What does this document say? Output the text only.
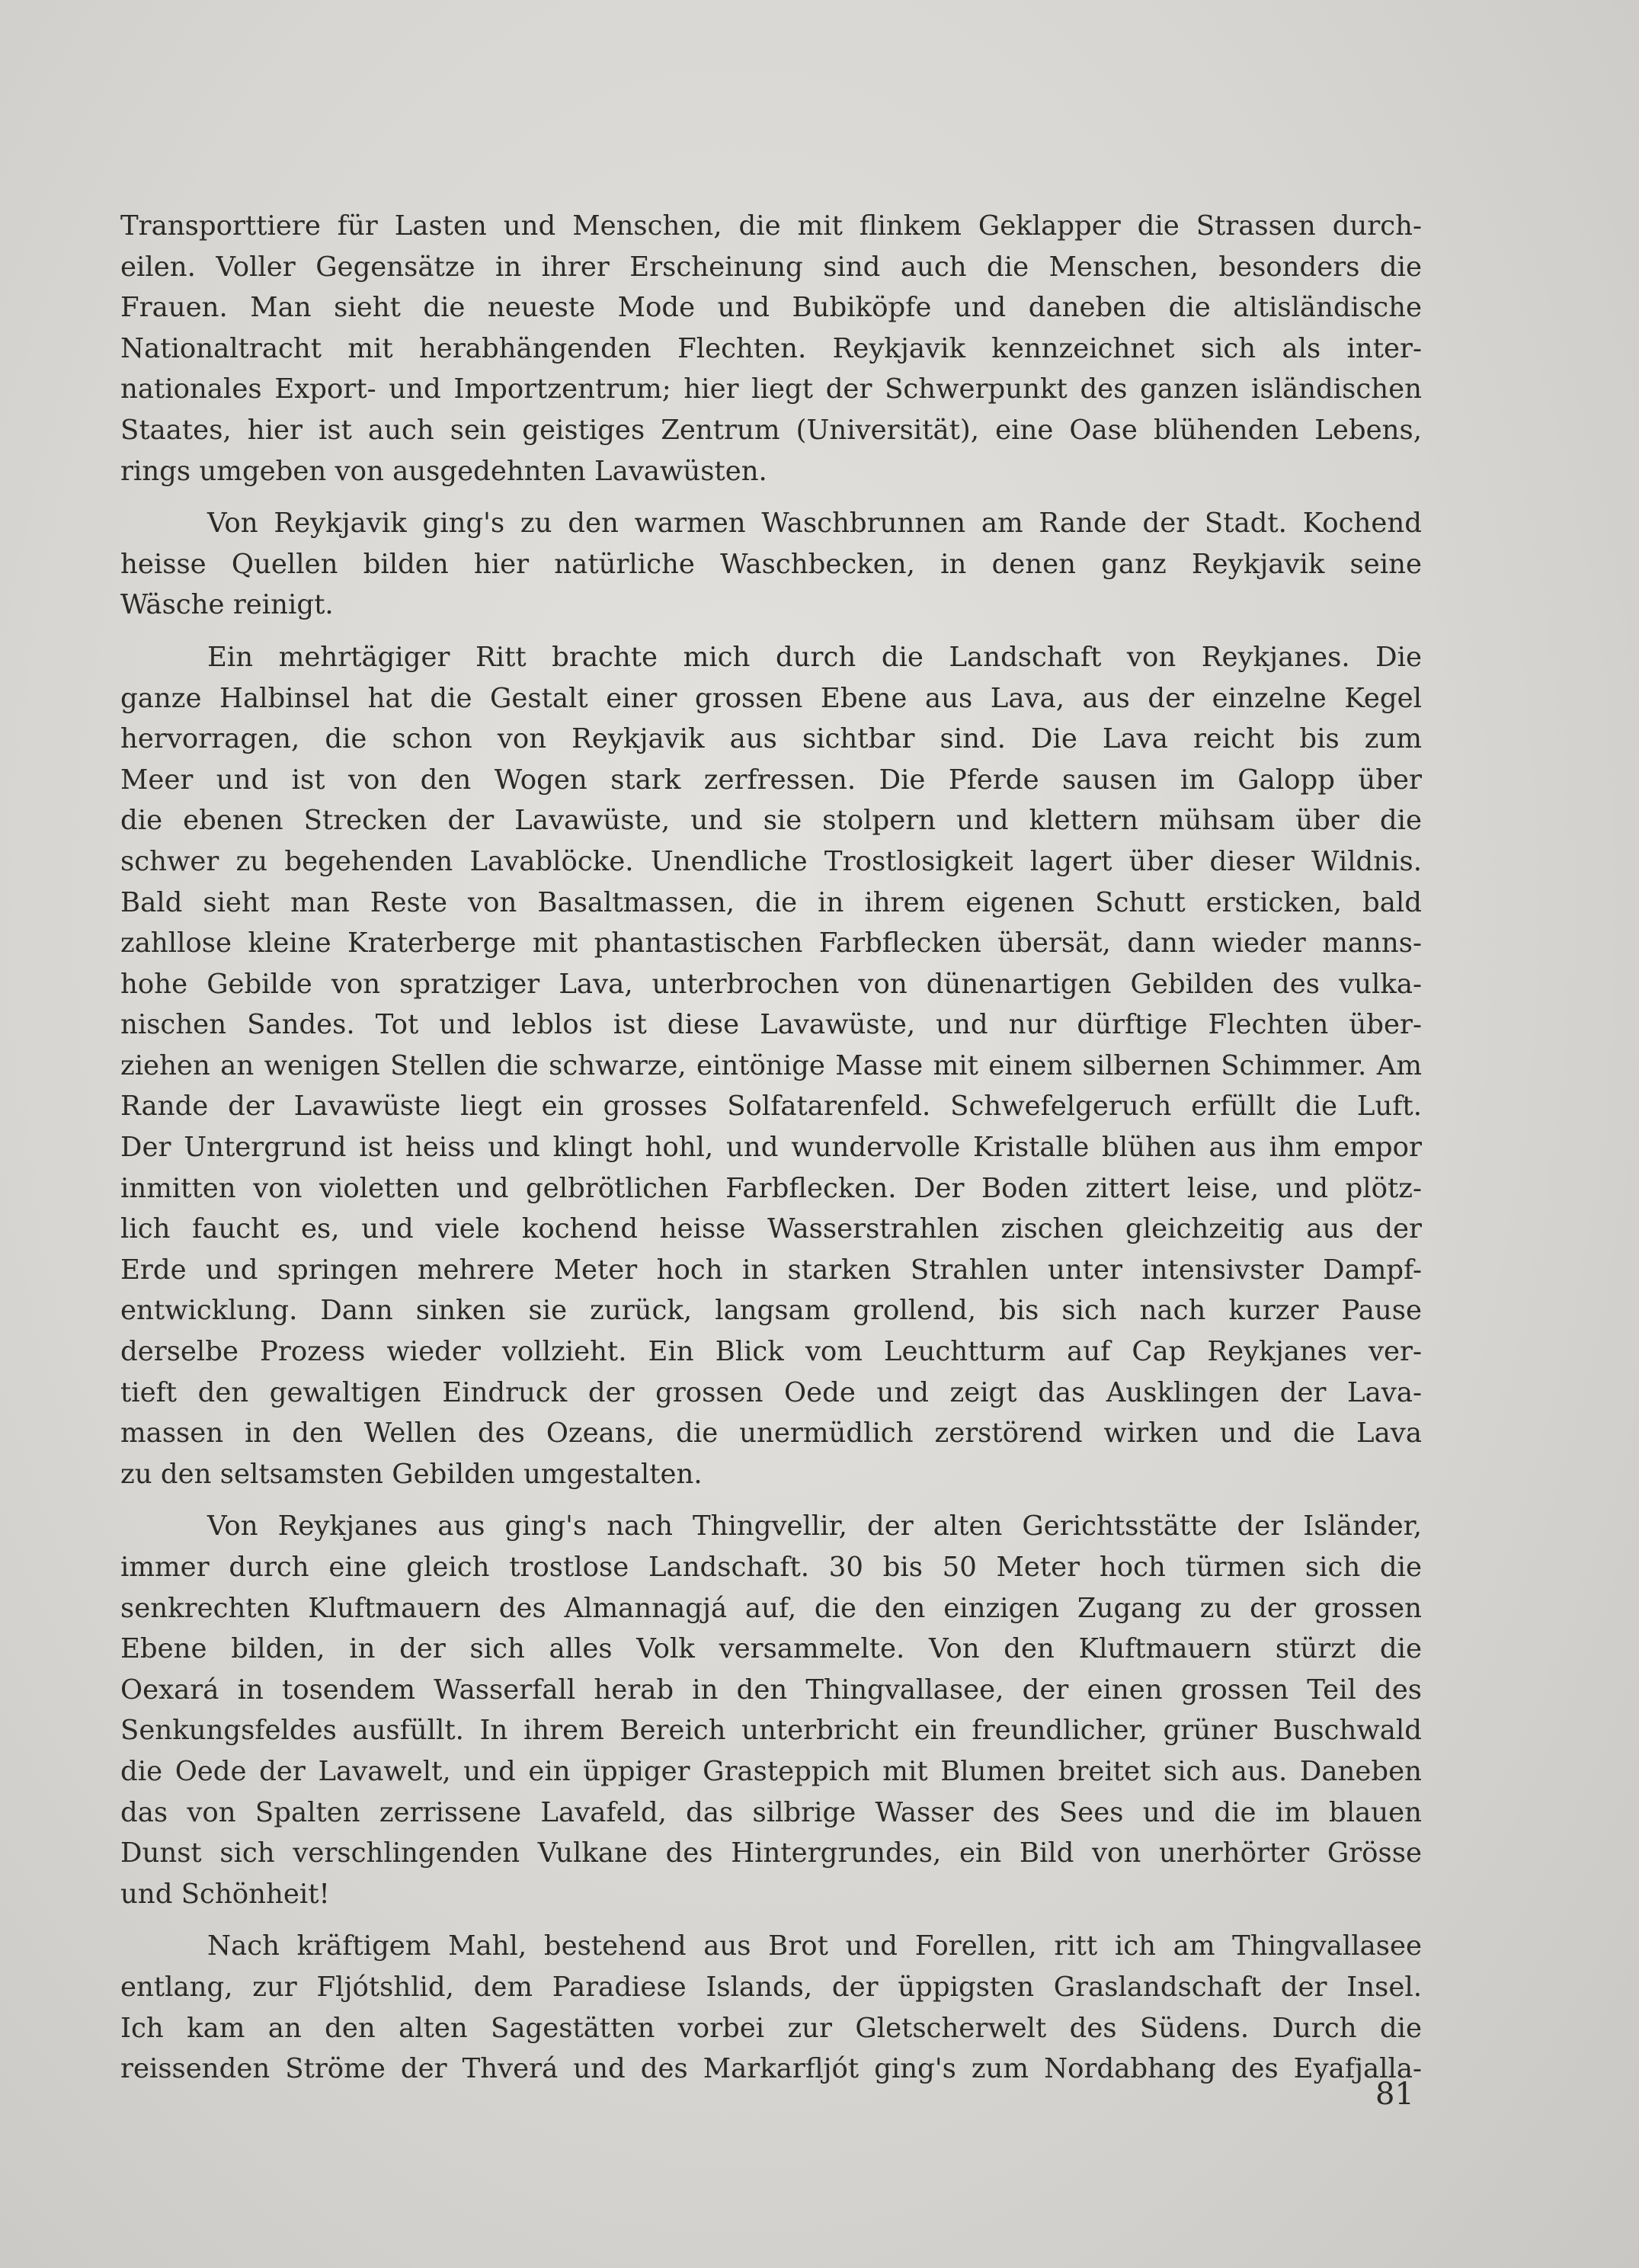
Transporttiere für Lasten und Menschen, die mit flinkem Geklapper die Strassen durch-
eilen. Voller Gegensätze in ihrer Erscheinung sind auch die Menschen, besonders die
Frauen. Man sieht die neueste Mode und Bubiköpfe und daneben die altisländische
Nationaltracht mit herabhängenden Flechten. Reykjavik kennzeichnet sich als inter-
nationales Export- und Importzentrum; hier liegt der Schwerpunkt des ganzen isländischen
Staates, hier ist auch sein geistiges Zentrum (Universität), eine Oase blühenden Lebens,
rings umgeben von ausgedehnten Lavawüsten.
Von Reykjavik ging's zu den warmen Waschbrunnen am Rande der Stadt. Kochend
heisse Quellen bilden hier natürliche Waschbecken, in denen ganz Reykjavik seine
Wäsche reinigt.
Ein mehrtägiger Ritt brachte mich durch die Landschaft von Reykjanes. Die
ganze Halbinsel hat die Gestalt einer grossen Ebene aus Lava, aus der einzelne Kegel
hervorragen, die schon von Reykjavik aus sichtbar sind. Die Lava reicht bis zum
Meer und ist von den Wogen stark zerfressen. Die Pferde sausen im Galopp über
die ebenen Strecken der Lavawüste, und sie stolpern und klettern mühsam über die
schwer zu begehenden Lavablöcke. Unendliche Trostlosigkeit lagert über dieser Wildnis.
Bald sieht man Reste von Basaltmassen, die in ihrem eigenen Schutt ersticken, bald
zahllose kleine Kraterberge mit phantastischen Farbflecken übersät, dann wieder manns-
hohe Gebilde von spratziger Lava, unterbrochen von dünenartigen Gebilden des vulka-
nischen Sandes. Tot und leblos ist diese Lavawüste, und nur dürftige Flechten über-
ziehen an wenigen Stellen die schwarze, eintönige Masse mit einem silbernen Schimmer. Am
Rande der Lavawüste liegt ein grosses Solfatarenfeld. Schwefelgeruch erfüllt die Luft.
Der Untergrund ist heiss und klingt hohl, und wundervolle Kristalle blühen aus ihm empor
inmitten von violetten und gelbrötlichen Farbflecken. Der Boden zittert leise, und plötz-
lich faucht es, und viele kochend heisse Wasserstrahlen zischen gleichzeitig aus der
Erde und springen mehrere Meter hoch in starken Strahlen unter intensivster Dampf-
entwicklung. Dann sinken sie zurück, langsam grollend, bis sich nach kurzer Pause
derselbe Prozess wieder vollzieht. Ein Blick vom Leuchtturm auf Cap Reykjanes ver-
tieft den gewaltigen Eindruck der grossen Oede und zeigt das Ausklingen der Lava-
massen in den Wellen des Ozeans, die unermüdlich zerstörend wirken und die Lava
zu den seltsamsten Gebilden umgestalten.
Von Reykjanes aus ging's nach Thingvellir, der alten Gerichtsstätte der Isländer,
immer durch eine gleich trostlose Landschaft. 30 bis 50 Meter hoch türmen sich die
senkrechten Kluftmauern des Almannagjá auf, die den einzigen Zugang zu der grossen
Ebene bilden, in der sich alles Volk versammelte. Von den Kluftmauern stürzt die
Oexará in tosendem Wasserfall herab in den Thingvallasee, der einen grossen Teil des
Senkungsfeldes ausfüllt. In ihrem Bereich unterbricht ein freundlicher, grüner Buschwald
die Oede der Lavawelt, und ein üppiger Grasteppich mit Blumen breitet sich aus. Daneben
das von Spalten zerrissene Lavafeld, das silbrige Wasser des Sees und die im blauen
Dunst sich verschlingenden Vulkane des Hintergrundes, ein Bild von unerhörter Grösse
und Schönheit!
Nach kräftigem Mahl, bestehend aus Brot und Forellen, ritt ich am Thingvallasee
entlang, zur Fljótshlid, dem Paradiese Islands, der üppigsten Graslandschaft der Insel.
Ich kam an den alten Sagestätten vorbei zur Gletscherwelt des Südens. Durch die
reissenden Ströme der Thverá und des Markarfljót ging's zum Nordabhang des Eyafjalla-
81
